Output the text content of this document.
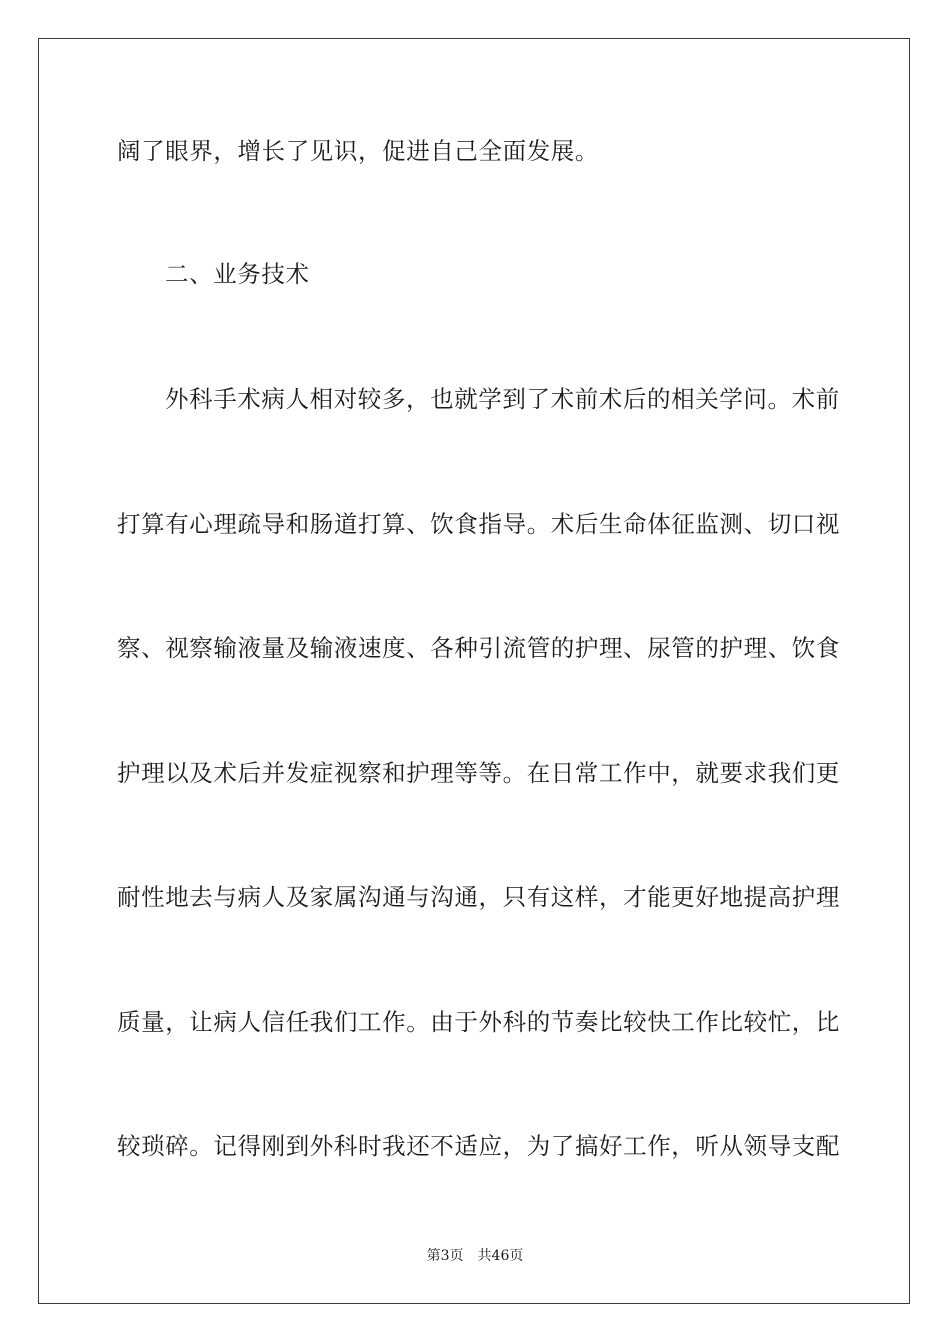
阔了眼界，增长了见识，促进自己全面发展。
二、业务技术
外科手术病人相对较多，也就学到了术前术后的相关学问。术前
打算有心理疏导和肠道打算、饮食指导。术后生命体征监测、切口视
察、视察输液量及输液速度、各种引流管的护理、尿管的护理、饮食
护理以及术后并发症视察和护理等等。在日常工作中，就要求我们更
耐性地去与病人及家属沟通与沟通，只有这样，才能更好地提高护理
质量，让病人信任我们工作。由于外科的节奏比较快工作比较忙，比
较琐碎。记得刚到外科时我还不适应，为了搞好工作，听从领导支配
第3页 共46页
